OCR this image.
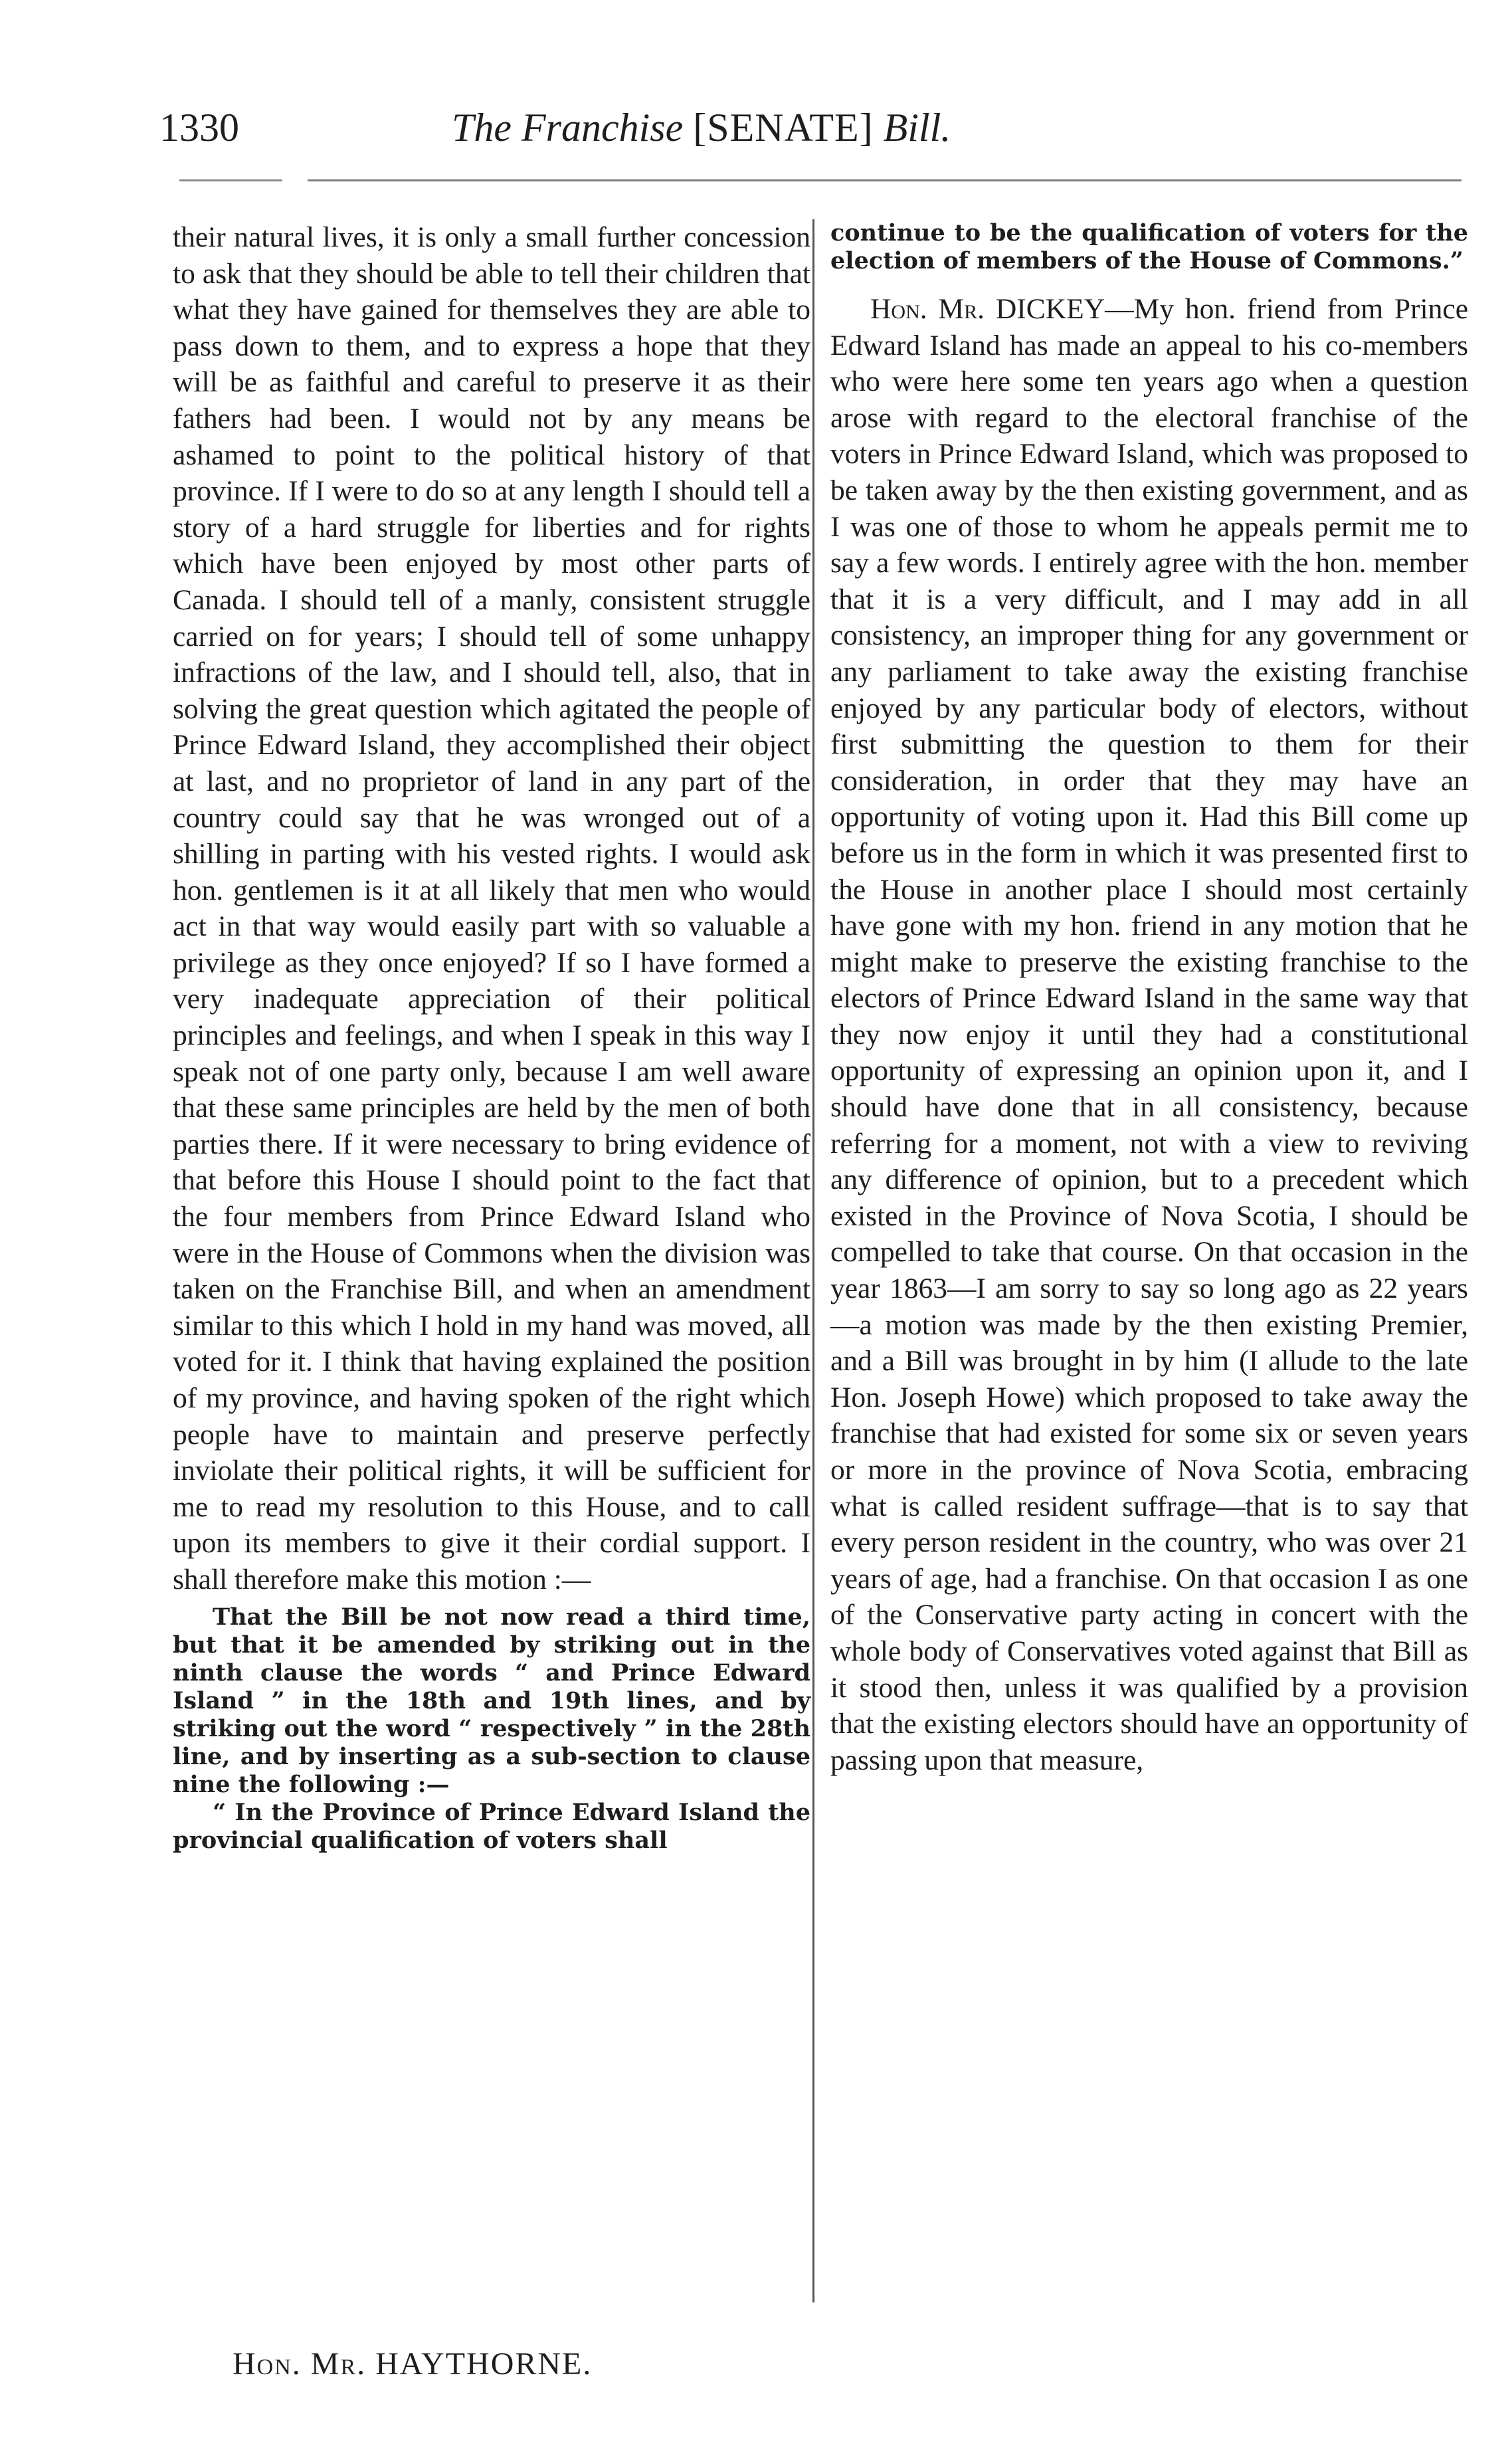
1330	The Franchise [SENATE] Bill.

their natural lives, it is only a small further concession to ask that they should be able to tell their children that what they have gained for themselves they are able to pass down to them, and to express a hope that they will be as faithful and careful to preserve it as their fathers had been. I would not by any means be ashamed to point to the political history of that province. If I were to do so at any length I should tell a story of a hard struggle for liberties and for rights which have been enjoyed by most other parts of Canada. I should tell of a manly, consistent struggle carried on for years; I should tell of some unhappy infractions of the law, and I should tell, also, that in solving the great question which agitated the people of Prince Edward Island, they accomplished their object at last, and no proprietor of land in any part of the country could say that he was wronged out of a shilling in parting with his vested rights. I would ask hon. gentlemen is it at all likely that men who would act in that way would easily part with so valuable a privilege as they once enjoyed? If so I have formed a very inadequate appreciation of their political principles and feelings, and when I speak in this way I speak not of one party only, because I am well aware that these same principles are held by the men of both parties there. If it were necessary to bring evidence of that before this House I should point to the fact that the four members from Prince Edward Island who were in the House of Commons when the division was taken on the Franchise Bill, and when an amendment similar to this which I hold in my hand was moved, all voted for it. I think that having explained the position of my province, and having spoken of the right which people have to maintain and preserve perfectly inviolate their political rights, it will be sufficient for me to read my resolution to this House, and to call upon its members to give it their cordial support. I shall therefore make this motion :—

That the Bill be not now read a third time, but that it be amended by striking out in the ninth clause the words “ and Prince Edward Island ” in the 18th and 19th lines, and by striking out the word “ respectively ” in the 28th line, and by inserting as a sub-section to clause nine the following :—

“ In the Province of Prince Edward Island the provincial qualification of voters shall

continue to be the qualification of voters for the election of members of the House of Commons.”

Hon. Mr. DICKEY—My hon. friend from Prince Edward Island has made an appeal to his co-members who were here some ten years ago when a question arose with regard to the electoral franchise of the voters in Prince Edward Island, which was proposed to be taken away by the then existing government, and as I was one of those to whom he appeals permit me to say a few words. I entirely agree with the hon. member that it is a very difficult, and I may add in all consistency, an improper thing for any government or any parliament to take away the existing franchise enjoyed by any particular body of electors, without first submitting the question to them for their consideration, in order that they may have an opportunity of voting upon it. Had this Bill come up before us in the form in which it was presented first to the House in another place I should most certainly have gone with my hon. friend in any motion that he might make to preserve the existing franchise to the electors of Prince Edward Island in the same way that they now enjoy it until they had a constitutional opportunity of expressing an opinion upon it, and I should have done that in all consistency, because referring for a moment, not with a view to reviving any difference of opinion, but to a precedent which existed in the Province of Nova Scotia, I should be compelled to take that course. On that occasion in the year 1863—I am sorry to say so long ago as 22 years—a motion was made by the then existing Premier, and a Bill was brought in by him (I allude to the late Hon. Joseph Howe) which proposed to take away the franchise that had existed for some six or seven years or more in the province of Nova Scotia, embracing what is called resident suffrage—that is to say that every person resident in the country, who was over 21 years of age, had a franchise. On that occasion I as one of the Conservative party acting in concert with the whole body of Conservatives voted against that Bill as it stood then, unless it was qualified by a provision that the existing electors should have an opportunity of passing upon that measure,

Hon. Mr. HAYTHORNE.
